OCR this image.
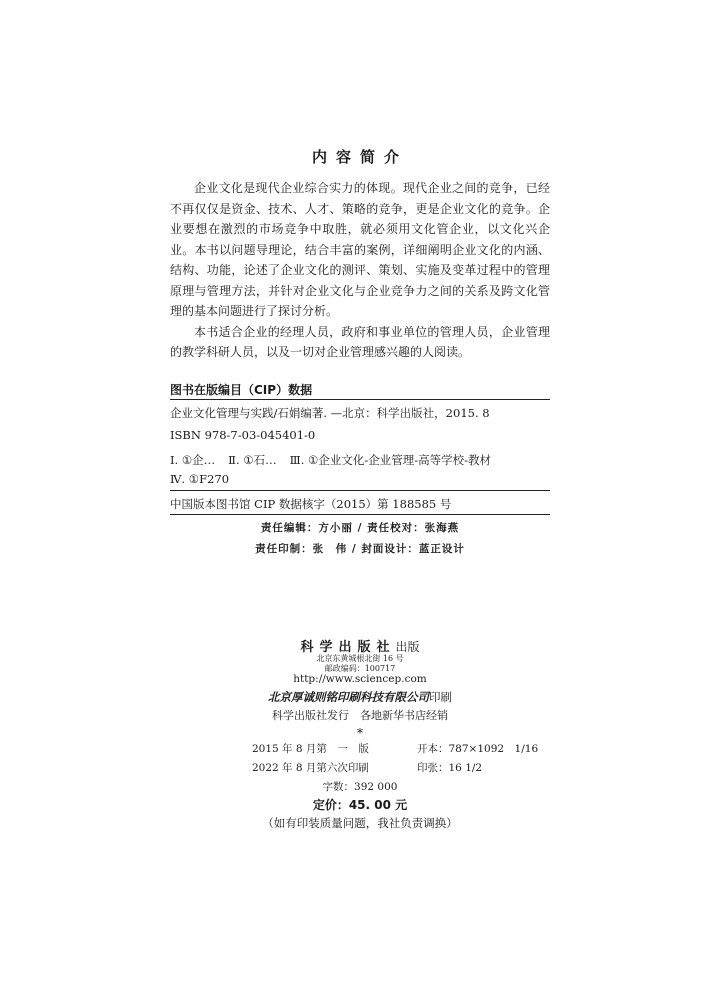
内容简介

企业文化是现代企业综合实力的体现。现代企业之间的竞争，已经不再仅仅是资金、技术、人才、策略的竞争，更是企业文化的竞争。企业要想在激烈的市场竞争中取胜，就必须用文化管企业，以文化兴企业。本书以问题导理论，结合丰富的案例，详细阐明企业文化的内涵、结构、功能，论述了企业文化的测评、策划、实施及变革过程中的管理原理与管理方法，并针对企业文化与企业竞争力之间的关系及跨文化管理的基本问题进行了探讨分析。

本书适合企业的经理人员，政府和事业单位的管理人员，企业管理的教学科研人员，以及一切对企业管理感兴趣的人阅读。

图书在版编目（CIP）数据
企业文化管理与实践/石娟编著. —北京：科学出版社，2015. 8
ISBN 978-7-03-045401-0
Ⅰ. ①企… Ⅱ. ①石… Ⅲ. ①企业文化-企业管理-高等学校-教材
Ⅳ. ①F270
中国版本图书馆 CIP 数据核字（2015）第 188585 号
责任编辑：方小丽 / 责任校对：张海燕
责任印制：张　伟 / 封面设计：蓝正设计
科学出版社出版
北京东黄城根北街 16 号
邮政编码：100717
http://www.sciencep.com
北京厚诚则铭印刷科技有限公司印刷
科学出版社发行　各地新华书店经销
*
2015 年 8 月第　一　版	开本：787×1092　1/16
2022 年 8 月第六次印刷	印张：16 1/2
字数：392 000
定价：45. 00 元
（如有印装质量问题，我社负责调换）
